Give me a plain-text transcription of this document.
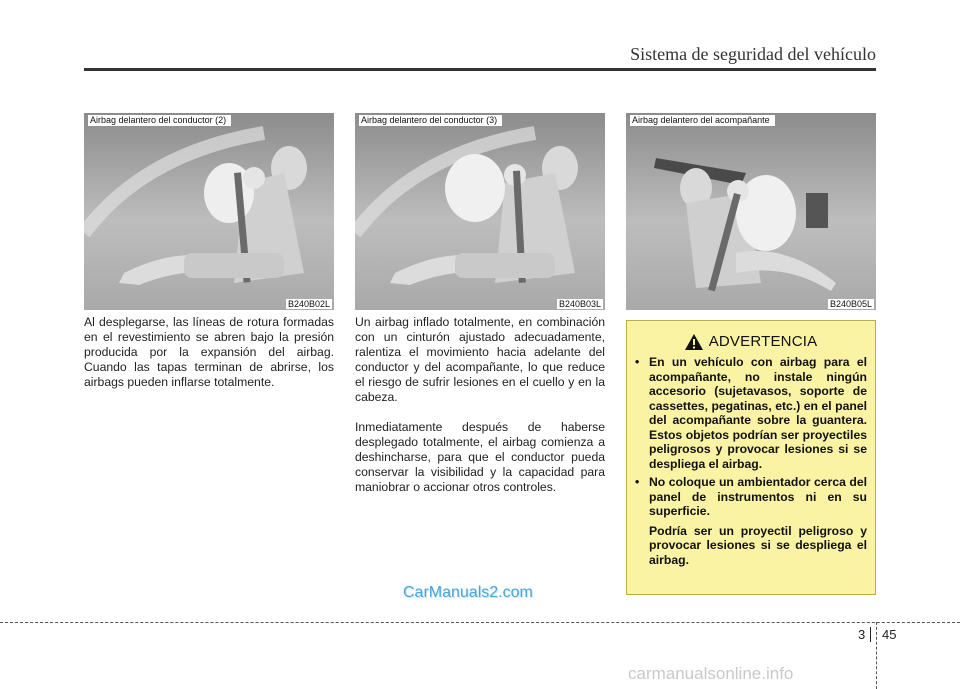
Sistema de seguridad del vehículo
Airbag delantero del conductor (2)
B240B02L
Airbag delantero del conductor (3)
B240B03L
Airbag delantero del acompañante
B240B05L

Al desplegarse, las líneas de rotura formadas en el revestimiento se abren bajo la presión producida por la expansión del airbag. Cuando las tapas terminan de abrirse, los airbags pueden inflarse totalmente.

Un airbag inflado totalmente, en combinación con un cinturón ajustado adecuadamente, ralentiza el movimiento hacia adelante del conductor y del acompañante, lo que reduce el riesgo de sufrir lesiones en el cuello y en la cabeza.

Inmediatamente después de haberse desplegado totalmente, el airbag comienza a deshincharse, para que el conductor pueda conservar la visibilidad y la capacidad para maniobrar o accionar otros controles.

ADVERTENCIA
• En un vehículo con airbag para el acompañante, no instale ningún accesorio (sujetavasos, soporte de cassettes, pegatinas, etc.) en el panel del acompañante sobre la guantera. Estos objetos podrían ser proyectiles peligrosos y provocar lesiones si se despliega el airbag.
• No coloque un ambientador cerca del panel de instrumentos ni en su superficie.
Podría ser un proyectil peligroso y provocar lesiones si se despliega el airbag.
CarManuals2.com
3 45
carmanualsonline.info
